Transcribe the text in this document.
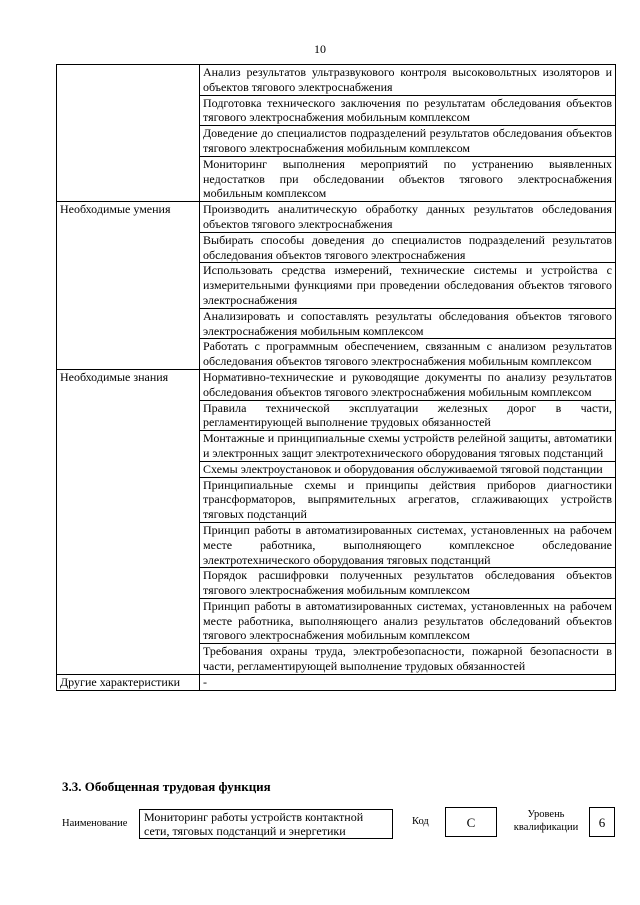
10
	Анализ результатов ультразвукового контроля высоковольтных изоляторов и объектов тягового электроснабжения
	Подготовка технического заключения по результатам обследования объектов тягового электроснабжения мобильным комплексом
	Доведение до специалистов подразделений результатов обследования объектов тягового электроснабжения мобильным комплексом
	Мониторинг выполнения мероприятий по устранению выявленных недостатков при обследовании объектов тягового электроснабжения мобильным комплексом
Необходимые умения	Производить аналитическую обработку данных результатов обследования объектов тягового электроснабжения
	Выбирать способы доведения до специалистов подразделений результатов обследования объектов тягового электроснабжения
	Использовать средства измерений, технические системы и устройства с измерительными функциями при проведении обследования объектов тягового электроснабжения
	Анализировать и сопоставлять результаты обследования объектов тягового электроснабжения мобильным комплексом
	Работать с программным обеспечением, связанным с анализом результатов обследования объектов тягового электроснабжения мобильным комплексом
Необходимые знания	Нормативно-технические и руководящие документы по анализу результатов обследования объектов тягового электроснабжения мобильным комплексом
	Правила технической эксплуатации железных дорог в части, регламентирующей выполнение трудовых обязанностей
	Монтажные и принципиальные схемы устройств релейной защиты, автоматики и электронных защит электротехнического оборудования тяговых подстанций
	Схемы электроустановок и оборудования обслуживаемой тяговой подстанции
	Принципиальные схемы и принципы действия приборов диагностики трансформаторов, выпрямительных агрегатов, сглаживающих устройств тяговых подстанций
	Принцип работы в автоматизированных системах, установленных на рабочем месте работника, выполняющего комплексное обследование электротехнического оборудования тяговых подстанций
	Порядок расшифровки полученных результатов обследования объектов тягового электроснабжения мобильным комплексом
	Принцип работы в автоматизированных системах, установленных на рабочем месте работника, выполняющего анализ результатов обследований объектов тягового электроснабжения мобильным комплексом
	Требования охраны труда, электробезопасности, пожарной безопасности в части, регламентирующей выполнение трудовых обязанностей
Другие характеристики	-
3.3. Обобщенная трудовая функция
Наименование	Мониторинг работы устройств контактной сети, тяговых подстанций и энергетики
Код	C
Уровень
квалификации	6
